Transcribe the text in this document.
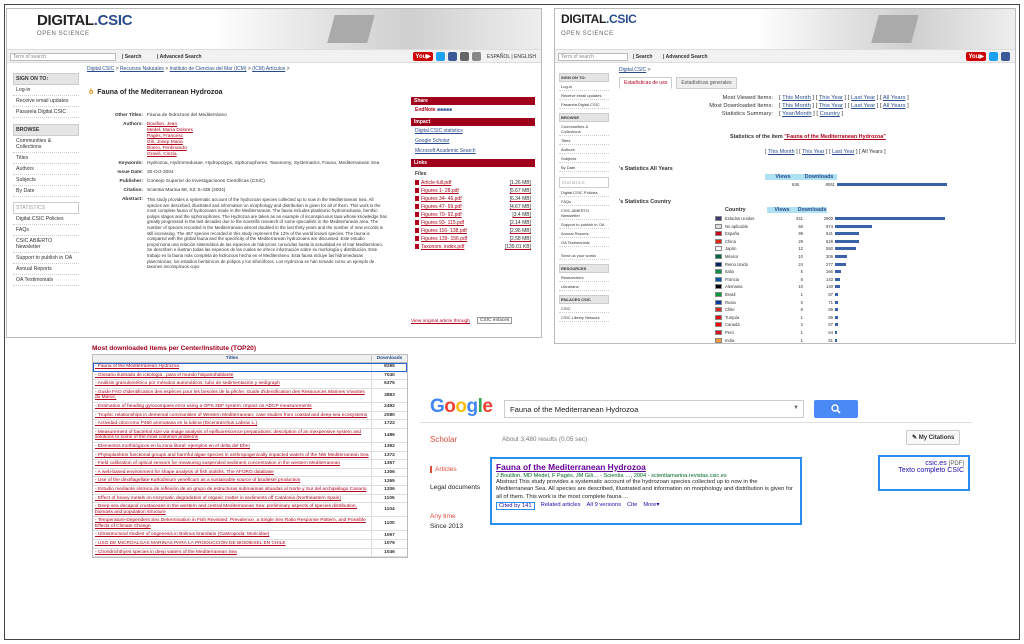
DIGITAL.CSIC
OPEN SCIENCE
Term of search	| Search	| Advanced Search	You▶	ESPAÑOL | ENGLISH
SIGN ON TO:
Log-in
Receive email updates
Pasarela Digital.CSIC
BROWSE
Communities & Collections
Titles
Authors
Subjects
By Date
STATISTICS
Digital.CSIC Policies
FAQs
CSIC ABIERTO Newsletter
Support to publish in OA
Annual Reports
OA Testimonials
Digital.CSIC > Recursos Naturales > Instituto de Ciencias del Mar (ICM) > (ICM) Artículos >
ô Fauna of the Mediterranean Hydrozoa
Other Titles: Fauna de hidrozoos del Mediterráneo
Authors: Bouillon, Jean
Medel, María Dolores
Pagès, Francesc
Gili, Josep Maria
Boero, Ferdinando
Gravili, Cinzia
Keywords: Hydrozoa, Hydromedusae, Hydropolyps, Siphonophores, Taxonomy, Systematics, Fauna, Mediterranean Sea
Issue Date: 30-Oct-2004
Publisher: Consejo Superior de Investigaciones Científicas (CSIC)
Citation: Scientia Marina 68, S2: 5-438 (2004)
Abstract: This study provides a systematic account of the hydrozoan species collected up to now in the Mediterranean Sea. All species are described, illustrated and information on morphology and distribution is given for all of them. This work is the most complete fauna of hydrozoans made in the Mediterranean. The fauna includes planktonic hydromedusae, benthic polyps stages and the siphonophores. The Hydrozoa are taken as an example of inconspicuous taxa whose knowledge has greatly progressed in the last decades due to the scientific research of some specialists in the Mediterranean area. The number of species recorded in the Mediterranean almost doubled in the last thirty years and the number of new records is still increasing. The 457 species recorded in this study represent the 12% of the world known species. The fauna is compared with the global fauna and the specificity of the Mediterranean hydrozoans are discussed. Este estudio proporciona una relación sistemática de las especies de hidrozoos conocidas hasta la actualidad en el mar Mediterráneo. Se describen e ilustran todas las especies de las cuales se ofrece información sobre su morfología y distribución. Este trabajo es la fauna más completa de hidrozoos hecha en el Mediterráneo. Esta fauna incluye las hidromedusas planctónicas, los estadios bentónicos de pólipos y los sifonóforos. Los Hydrozoa se han tomado como un ejemplo de taxones inconspicuos cuyo
Share
EndNote ■■■■■
Impact
Digital.CSIC statistics
Google Scholar
Microsoft Academic Search
Links
Files
Article-full.pdf	[1.26 MB]
Figures 1- 28.pdf	[5.67 MB]
Figures 34- 46.pdf	[6.34 MB]
Figures 47- 69.pdf	[4.67 MB]
Figures 70- 92.pdf	[3.4 MB]
Figures 93- 115.pdf	[2.14 MB]
Figures 116- 138.pdf	[2.96 MB]
Figures 139- 156.pdf	[2.58 MB]
Taxonom. index.pdf	[139.01 KB]
View original article through	CSIC enlaces
DIGITAL.CSIC
OPEN SCIENCE
Term of search	| Search | Advanced Search	You▶
Digital.CSIC >
SIGN ON TO:
Log-in
Receive email updates
Pasarela Digital.CSIC
BROWSE
Communities & Collections
Titles
Authors
Subjects
By Date
STATISTICS
Digital.CSIC Policies
FAQs
CSIC ABIERTO Newsletter
Support to publish in OA
Annual Reports
OA Testimonials
Send us your works
RESOURCES
Researchers
Librarians
ENLACES CSIC
CSIC
CSIC Library Network
Estadísticas de uso	Estadísticas generales
Most Viewed Items:	[ This Month ] [ This Year ] [ Last Year ] [ All Years ]
Most Downloaded Items:	[ This Month ] [ This Year ] [ Last Year ] [ All Years ]
Statistics Summary:	[ Year/Month ] [ Country ]
Statistics of the item "Fauna of the Mediterranean Hydrozoa"
[ This Month ] [ This Year ] [ Last Year ] [ All Years ]
's Statistics All Years
Views	Downloads
636	8061
's Statistics Country
Country	Views	Downloads
Estados Unidos	341	2900
No aplicable	56	974
España	99	641
China	29	629
Japón	12	550
México	10	306
Reino Unido	24	277
Italia	5	166
Francia	6	143
Alemania	10	140
Brasil	1	87
Rusia	0	71
Chile	6	69
Turquía	1	69
Canadá	2	67
Perú	1	64
India	1	51
Most downloaded items per Center/Institute (TOP20)
Titles	Downloads
- Fauna of the Mediterranean Hydrozoa	8295
- Glosario ilustrado de ictiología : para el mundo hispanohablante	7040
- Análisis granulométrico por métodos automáticos: tubo de sedimentación y sedígraph	6375
- Guide FAO d'identification des espèces pour les besoins de la pêche. Guide d'identification des Ressources Marines Vivantes du Maroc.	3883
- Estimation of heading gyrocompass error using a GPS 3DF system: Impact on ADCP measurements	2492
- Trophic relationships in demersal communities of Western Mediterranean: case studies from coastal and deep-sea ecosystems	2080
- Actividad citocromo P450 aromatasa en la lubina (Dicentrarchus Labrax L.)	1722
- Measurement of bacterial size via image analysis of epifluorescence preparations: description of an inexpensive system and solutions to some of the most common problems	1486
- Elementos morfológicos en la zona litoral: ejemplos en el delta del Ebro	1392
- Phytoplankton functional groups and harmful algae species in anthropogenically impacted waters of the NW Mediterranean Sea	1372
- Field calibration of optical sensors for measuring suspended sediment concentration in the western Mediterranean	1357
- A web-based environment for shape analysis of fish otoliths. The AFORO database	1306
- Use of the dinoflagellate Karlodinium veneficum as a sustainable source of biodiesel production	1265
- Estudio mediante sísmica de reflexión de un grupo de estructuras submarinas situadas al Norte y Sur del archipiélago Canario	1206
- Effect of heavy metals on enzymatic degradation of organic matter in sediments off Catalonia (Northeastern Spain)	1105
- Deep-sea decapod crustaceans in the western and central Mediterranean Sea: preliminary aspects of species distribution, biomass and population structure	1104
- Temperature-Dependent Sex Determination in Fish Revisited: Prevalence, a Single Sex Ratio Response Pattern, and Possible Effects of Climate Change	1100
- Ultrastructural studies of oogenesis in Bolinus brandaris (Gastropoda: Muricidae)	1097
- USO DE MICROALGAS MARINAS PARA LA PRODUCCIÓN DE BIODIESEL EN CHILE	1079
- Chondrichthyes species in deep waters of the Mediterranean Sea	1046
Google	Fauna of the Mediterranean Hydrozoa	▼
Scholar	About 3,480 results (0.05 sec)	✎ My Citations
Articles
Legal documents
Any time
Since 2013
Fauna of the Mediterranean Hydrozoa
J Bouillon, MD Medel, F Pagès, JM Gili… - Scientia …, 2004 - scientiamarina.revistas.csic.es
Abstract This study provides a systematic account of the hydrozoan species collected up to now in the Mediterranean Sea. All species are described, illustrated and information on morphology and distribution is given for all of them. This work is the most complete fauna ...
Cited by 141	Related articles All 9 versions Cite More▾
csic.es [PDF]
Texto completo CSIC
